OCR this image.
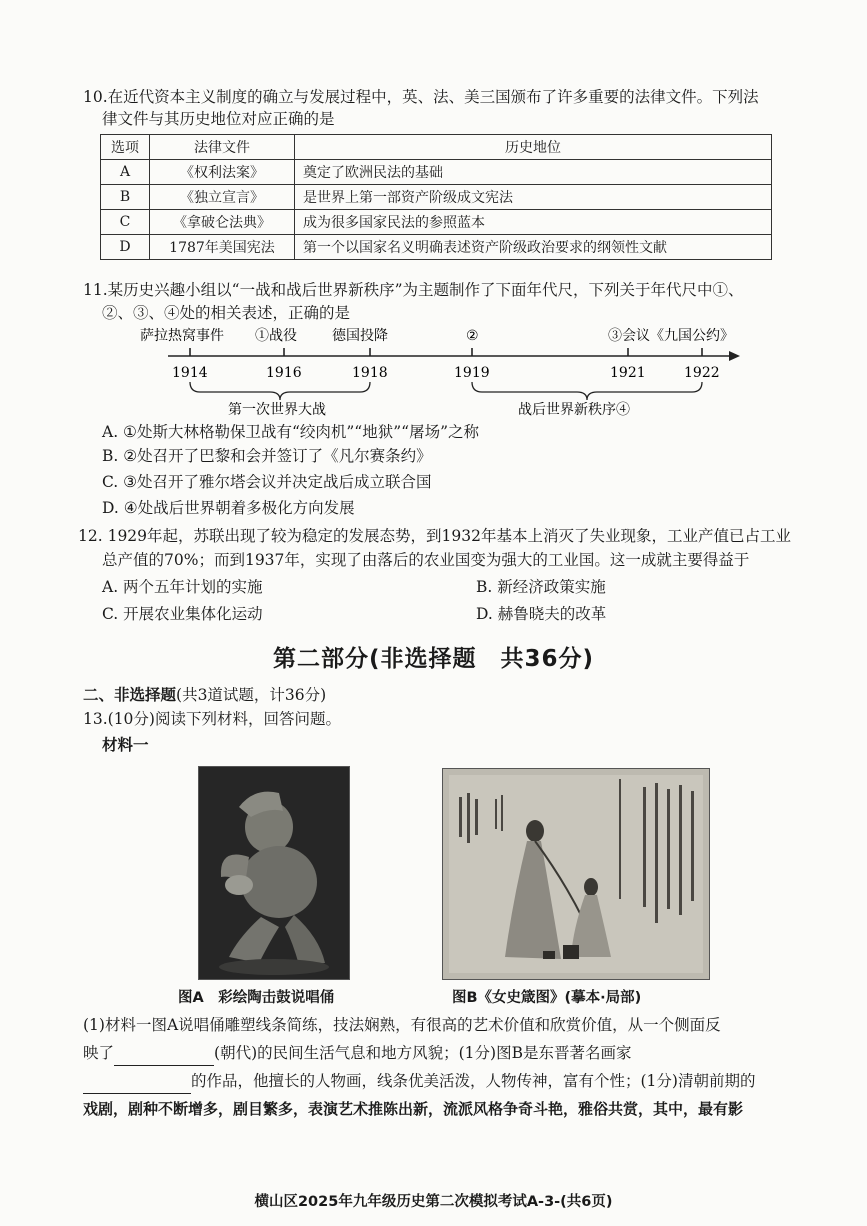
10.在近代资本主义制度的确立与发展过程中，英、法、美三国颁布了许多重要的法律文件。下列法
律文件与其历史地位对应正确的是
选项	法律文件	历史地位
A	《权利法案》	奠定了欧洲民法的基础
B	《独立宣言》	是世界上第一部资产阶级成文宪法
C	《拿破仑法典》	成为很多国家民法的参照蓝本
D	1787年美国宪法	第一个以国家名义明确表述资产阶级政治要求的纲领性文献
11.某历史兴趣小组以“一战和战后世界新秩序”为主题制作了下面年代尺，下列关于年代尺中①、
②、③、④处的相关表述，正确的是
萨拉热窝事件 ①战役	德国投降	②	③会议《九国公约》
1914	1916	1918	1919	1921	1922
第一次世界大战	战后世界新秩序④
A. ①处斯大林格勒保卫战有“绞肉机”“地狱”“屠场”之称
B. ②处召开了巴黎和会并签订了《凡尔赛条约》
C. ③处召开了雅尔塔会议并决定战后成立联合国
D. ④处战后世界朝着多极化方向发展
12. 1929年起，苏联出现了较为稳定的发展态势，到1932年基本上消灭了失业现象，工业产值已占工业
总产值的70%；而到1937年，实现了由落后的农业国变为强大的工业国。这一成就主要得益于
A. 两个五年计划的实施	B. 新经济政策实施
C. 开展农业集体化运动	D. 赫鲁晓夫的改革
第二部分(非选择题　共36分)
二、非选择题(共3道试题，计36分)
13.(10分)阅读下列材料，回答问题。
材料一
图A　彩绘陶击鼓说唱俑	图B《女史箴图》(摹本·局部)
(1)材料一图A说唱俑雕塑线条简练，技法娴熟，有很高的艺术价值和欣赏价值，从一个侧面反
映了	(朝代)的民间生活气息和地方风貌；(1分)图B是东晋著名画家
的作品，他擅长的人物画，线条优美活泼，人物传神，富有个性；(1分)清朝前期的
戏剧，剧种不断增多，剧目繁多，表演艺术推陈出新，流派风格争奇斗艳，雅俗共赏，其中，最有影
横山区2025年九年级历史第二次模拟考试A-3-(共6页)
